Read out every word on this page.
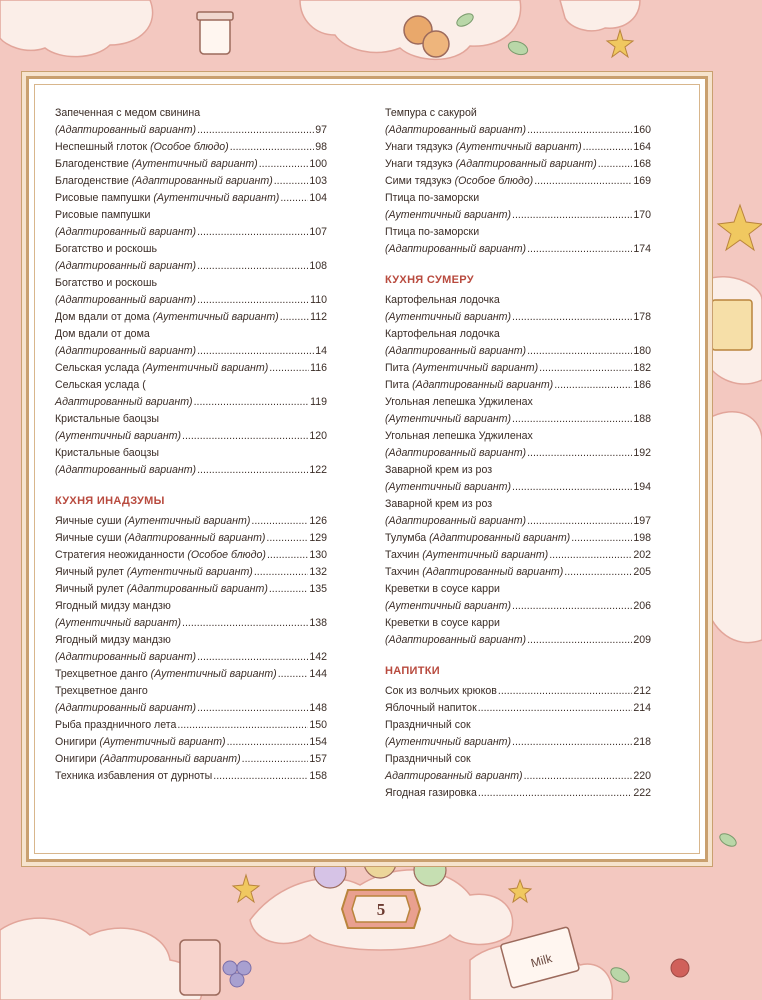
Milk
Запеченная с медом свинина
(Адаптированный вариант) .....	97
Неспешный глоток (Особое блюдо) .....	98
Благоденствие (Аутентичный вариант) .....	100
Благоденствие (Адаптированный вариант) .....	103
Рисовые пампушки (Аутентичный вариант) .....	104
Рисовые пампушки
(Адаптированный вариант) .....	107
Богатство и роскошь
(Адаптированный вариант) .....	108
Богатство и роскошь
(Адаптированный вариант) .....	110
Дом вдали от дома (Аутентичный вариант) .....	112
Дом вдали от дома
(Адаптированный вариант) .....	14
Сельская услада (Аутентичный вариант) .....	116
Сельская услада (
Адаптированный вариант) .....	119
Кристальные баоцзы
(Аутентичный вариант) .....	120
Кристальные баоцзы
(Адаптированный вариант) .....	122
КУХНЯ ИНАДЗУМЫ
Яичные суши (Аутентичный вариант) .....	126
Яичные суши (Адаптированный вариант) .....	129
Стратегия неожиданности (Особое блюдо) .....	130
Яичный рулет (Аутентичный вариант) .....	132
Яичный рулет (Адаптированный вариант) .....	135
Ягодный мидзу мандзю
(Аутентичный вариант) .....	138
Ягодный мидзу мандзю
(Адаптированный вариант) .....	142
Трехцветное данго (Аутентичный вариант) .....	144
Трехцветное данго
(Адаптированный вариант) .....	148
Рыба праздничного лета .....	150
Онигири (Аутентичный вариант) .....	154
Онигири (Адаптированный вариант) .....	157
Техника избавления от дурноты .....	158
Темпура с сакурой
(Адаптированный вариант) .....	160
Унаги тядзукэ (Аутентичный вариант) .....	164
Унаги тядзукэ (Адаптированный вариант) .....	168
Сими тядзукэ (Особое блюдо) .....	169
Птица по-заморски
(Аутентичный вариант) .....	170
Птица по-заморски
(Адаптированный вариант) .....	174
КУХНЯ СУМЕРУ
Картофельная лодочка
(Аутентичный вариант) .....	178
Картофельная лодочка
(Адаптированный вариант) .....	180
Пита (Аутентичный вариант) .....	182
Пита (Адаптированный вариант) .....	186
Угольная лепешка Уджиленах
(Аутентичный вариант) .....	188
Угольная лепешка Уджиленах
(Адаптированный вариант) .....	192
Заварной крем из роз
(Аутентичный вариант) .....	194
Заварной крем из роз
(Адаптированный вариант) .....	197
Тулумба (Адаптированный вариант) .....	198
Тахчин (Аутентичный вариант) .....	202
Тахчин (Адаптированный вариант) .....	205
Креветки в соусе карри
(Аутентичный вариант) .....	206
Креветки в соусе карри
(Адаптированный вариант) .....	209
НАПИТКИ
Сок из волчьих крюков .....	212
Яблочный напиток .....	214
Праздничный сок
(Аутентичный вариант) .....	218
Праздничный сок
Адаптированный вариант) .....	220
Ягодная газировка .....	222
5
